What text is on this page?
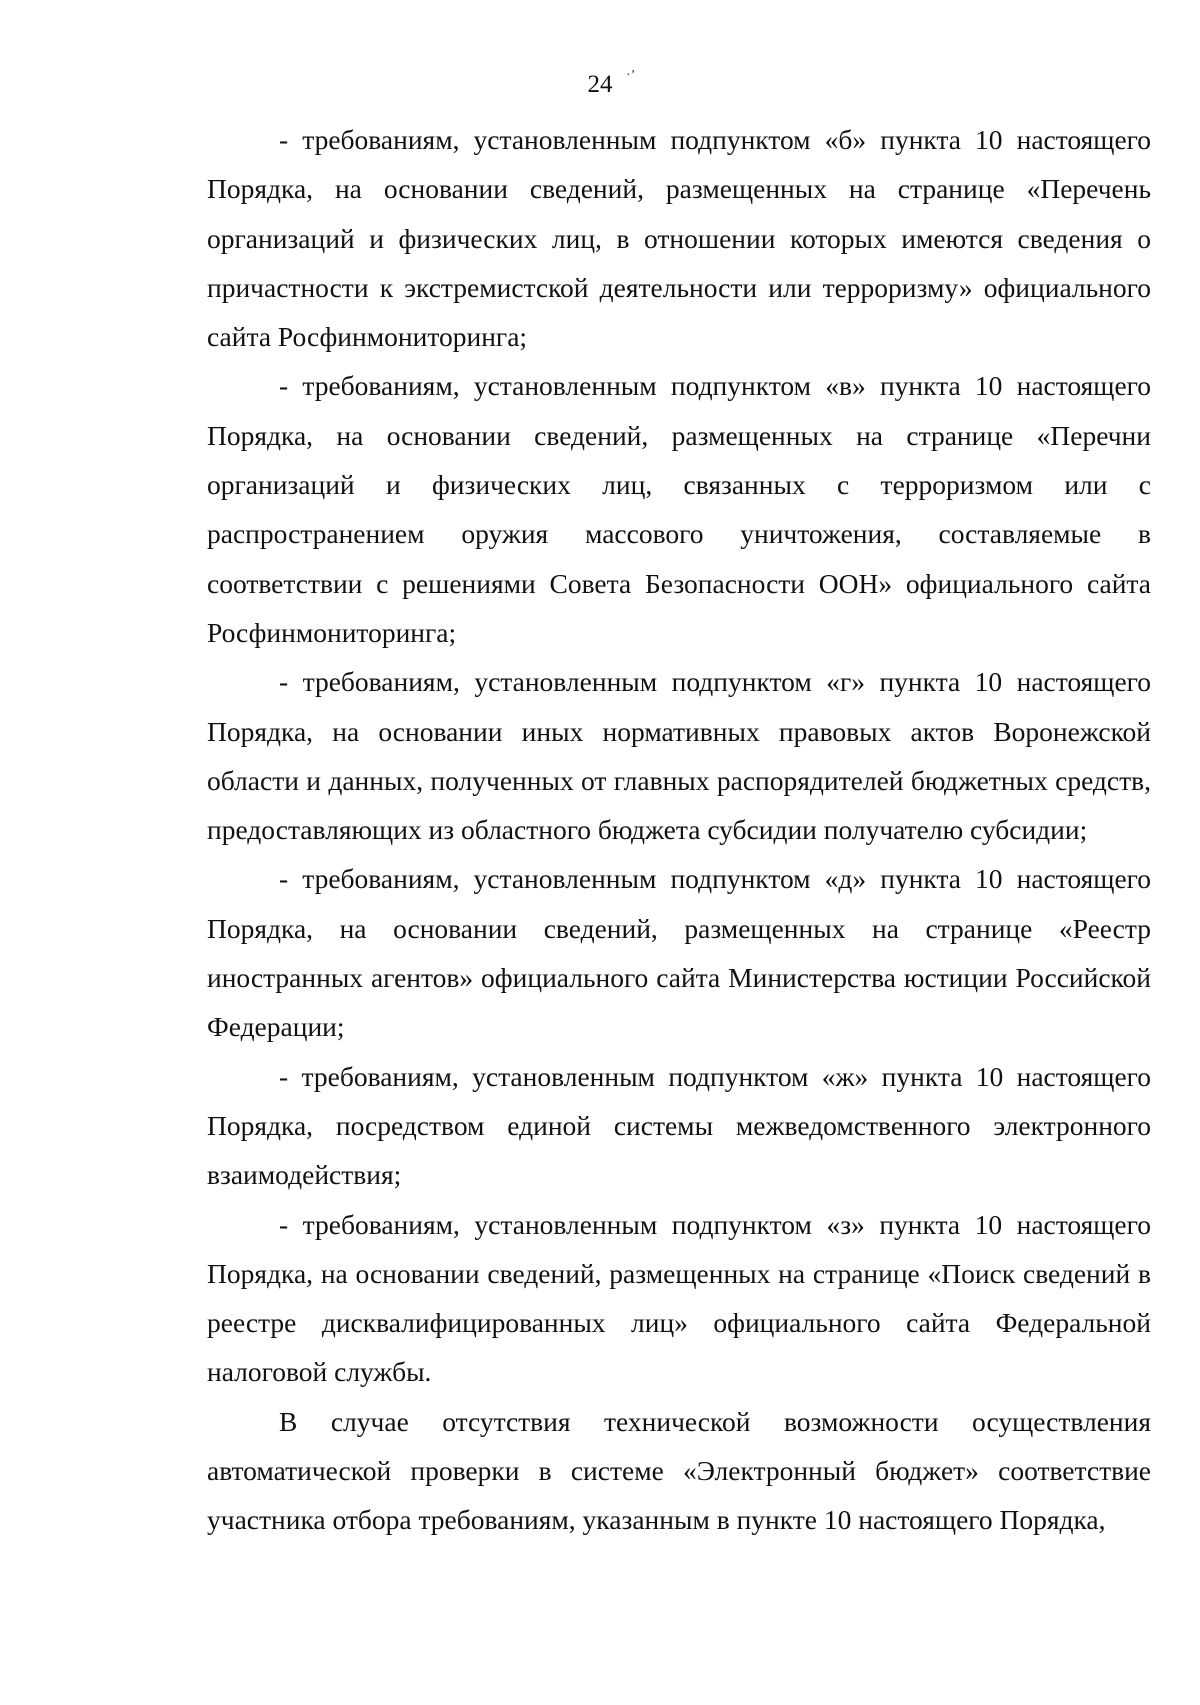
·’
24

- требованиям, установленным подпунктом «б» пункта 10 настоящего Порядка, на основании сведений, размещенных на странице «Перечень организаций и физических лиц, в отношении которых имеются сведения о причастности к экстремистской деятельности или терроризму» официального сайта Росфинмониторинга;

- требованиям, установленным подпунктом «в» пункта 10 настоящего Порядка, на основании сведений, размещенных на странице «Перечни организаций и физических лиц, связанных с терроризмом или с распространением оружия массового уничтожения, составляемые в соответствии с решениями Совета Безопасности ООН» официального сайта Росфинмониторинга;

- требованиям, установленным подпунктом «г» пункта 10 настоящего Порядка, на основании иных нормативных правовых актов Воронежской области и данных, полученных от главных распорядителей бюджетных средств, предоставляющих из областного бюджета субсидии получателю субсидии;

- требованиям, установленным подпунктом «д» пункта 10 настоящего Порядка, на основании сведений, размещенных на странице «Реестр иностранных агентов» официального сайта Министерства юстиции Российской Федерации;

- требованиям, установленным подпунктом «ж» пункта 10 настоящего Порядка, посредством единой системы межведомственного электронного взаимодействия;

- требованиям, установленным подпунктом «з» пункта 10 настоящего Порядка, на основании сведений, размещенных на странице «Поиск сведений в реестре дисквалифицированных лиц» официального сайта Федеральной налоговой службы.

В случае отсутствия технической возможности осуществления автоматической проверки в системе «Электронный бюджет» соответствие участника отбора требованиям, указанным в пункте 10 настоящего Порядка,
